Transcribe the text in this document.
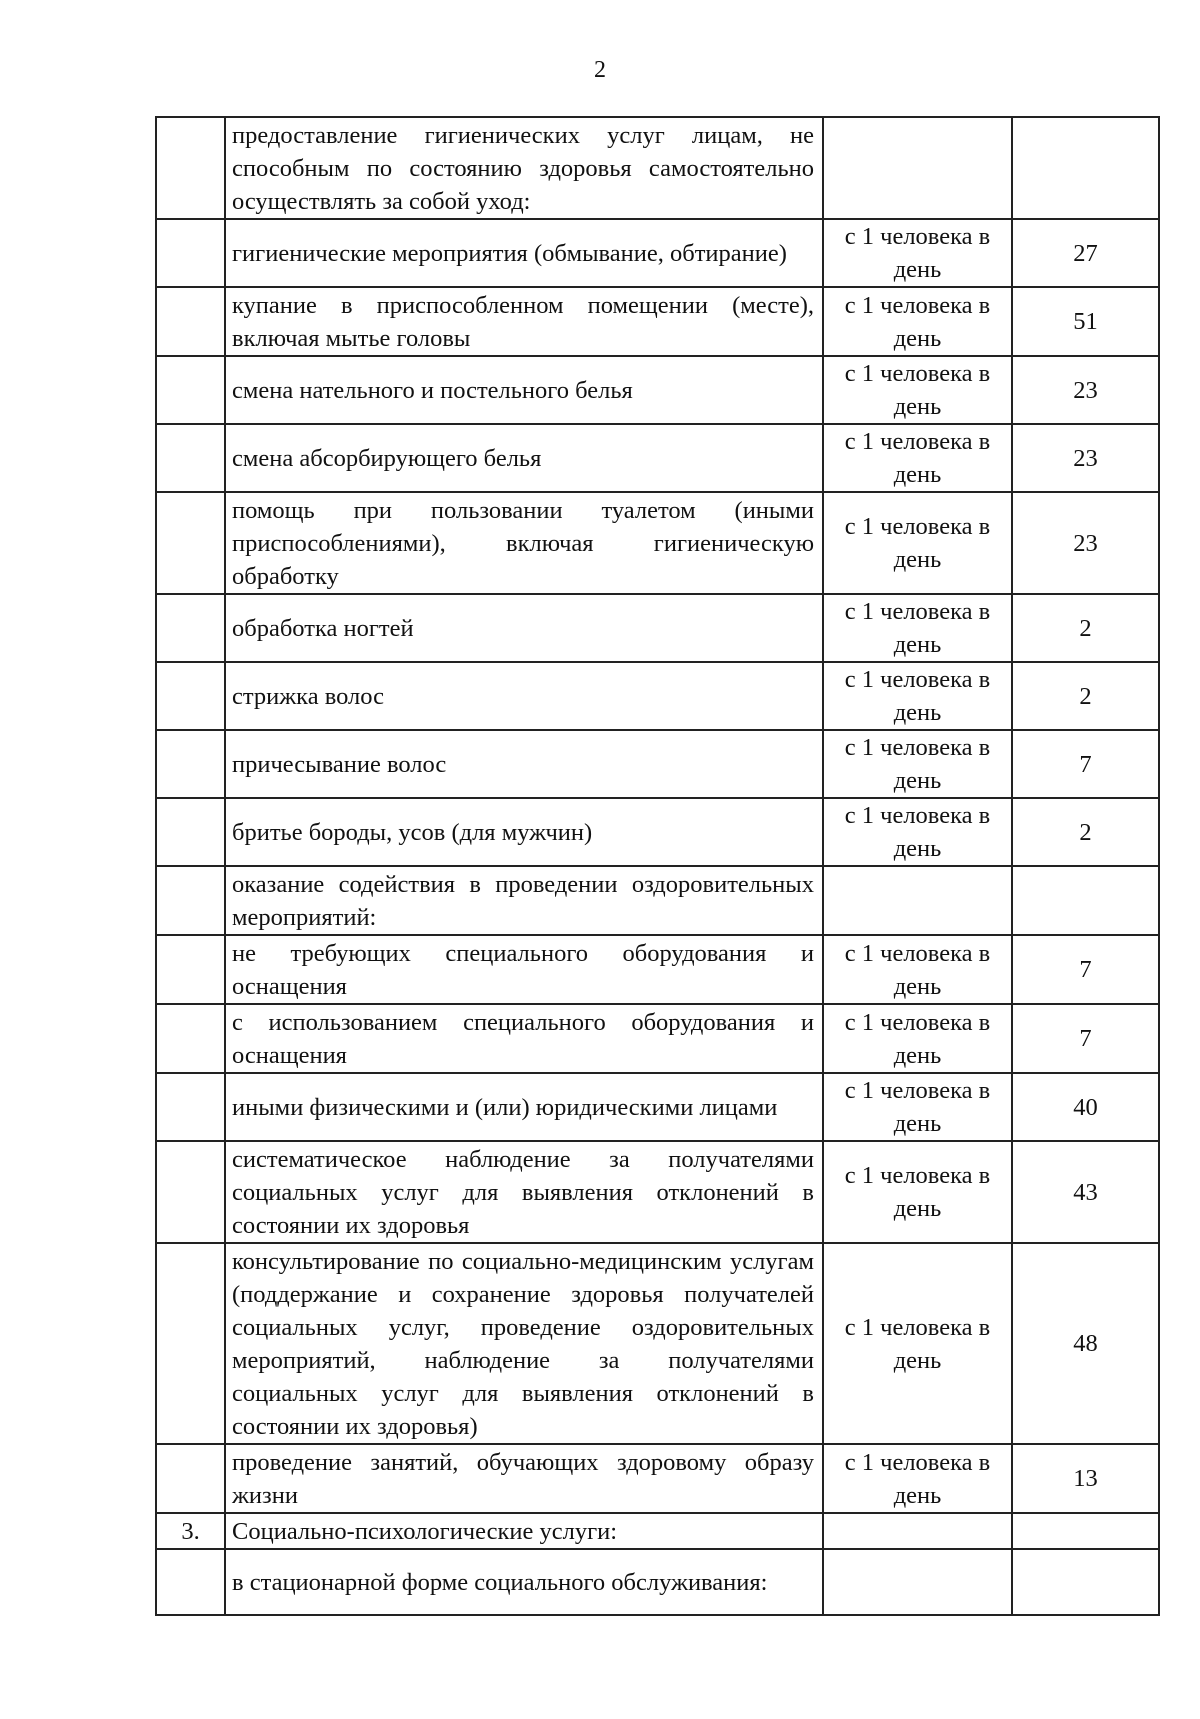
2

	предоставление гигиенических услуг лицам, не способным по состоянию здоровья самостоятельно осуществлять за собой уход:		

	гигиенические мероприятия (обмывание, обтирание)	с 1 человека в день	27

	купание в приспособленном помещении (месте), включая мытье головы	с 1 человека в день	51

	смена нательного и постельного белья	с 1 человека в день	23

	смена абсорбирующего белья	с 1 человека в день	23

	помощь при пользовании туалетом (иными приспособлениями), включая гигиеническую обработку	с 1 человека в день	23

	обработка ногтей	с 1 человека в день	2

	стрижка волос	с 1 человека в день	2

	причесывание волос	с 1 человека в день	7

	бритье бороды, усов (для мужчин)	с 1 человека в день	2

	оказание содействия в проведении оздоровительных мероприятий:		

	не требующих специального оборудования и оснащения	с 1 человека в день	7

	с использованием специального оборудования и оснащения	с 1 человека в день	7

	иными физическими и (или) юридическими лицами	с 1 человека в день	40

	систематическое наблюдение за получателями социальных услуг для выявления отклонений в состоянии их здоровья	с 1 человека в день	43

	консультирование по социально-медицинским услугам (поддержание и сохранение здоровья получателей социальных услуг, проведение оздоровительных мероприятий, наблюдение за получателями социальных услуг для выявления отклонений в состоянии их здоровья)	с 1 человека в день	48

	проведение занятий, обучающих здоровому образу жизни	с 1 человека в день	13
3.	Социально-психологические услуги:		

	в стационарной форме социального обслуживания:		
